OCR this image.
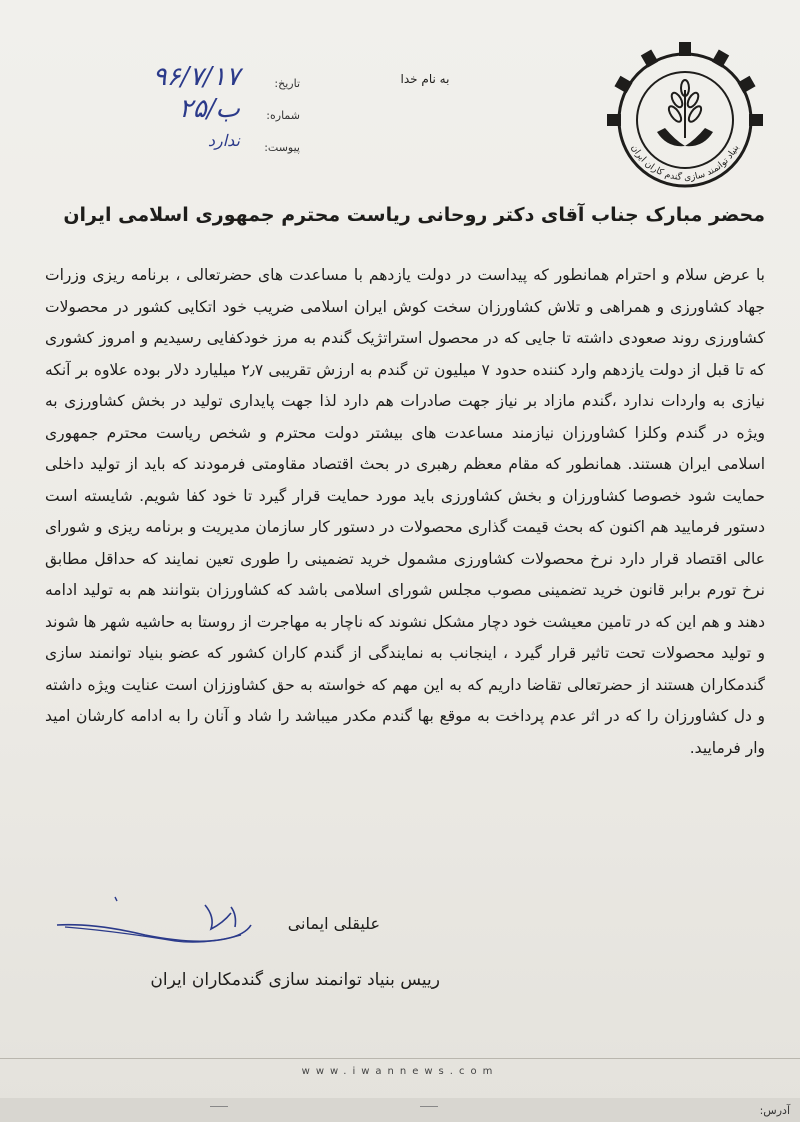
تاریخ:
۹۶/۷/۱۷
شماره:
۲۵/ب
پیوست:
ندارد
به نام خدا
بنیاد توانمند سازی گندم کاران ایران
محضر مبارک جناب آقای دکتر روحانی ریاست محترم جمهوری اسلامی ایران
با عرض سلام و احترام همانطور که پیداست در دولت یازدهم با مساعدت های حضرتعالی ، برنامه ریزی وزرات جهاد کشاورزی و همراهی و تلاش کشاورزان سخت کوش ایران اسلامی ضریب خود اتکایی کشور در محصولات کشاورزی روند صعودی داشته تا جایی که در محصول استراتژیک گندم به مرز خودکفایی رسیدیم و امروز کشوری که تا قبل از دولت یازدهم وارد کننده حدود ۷ میلیون تن گندم به ارزش تقریبی ۲٫۷ میلیارد دلار بوده علاوه بر آنکه نیازی به واردات ندارد ،گندم مازاد بر نیاز جهت صادرات هم دارد لذا جهت پایداری تولید در بخش کشاورزی به ویژه در گندم وکلزا کشاورزان نیازمند مساعدت های بیشتر دولت محترم و شخص ریاست محترم جمهوری اسلامی ایران هستند. همانطور که مقام معظم رهبری در بحث اقتصاد مقاومتی فرمودند که باید از تولید داخلی حمایت شود خصوصا کشاورزان و بخش کشاورزی باید مورد حمایت قرار گیرد تا خود کفا شویم. شایسته است دستور فرمایید هم اکنون که بحث قیمت گذاری محصولات در دستور کار سازمان مدیریت و برنامه ریزی و شورای عالی اقتصاد قرار دارد نرخ محصولات کشاورزی مشمول خرید تضمینی را طوری تعین نمایند که حداقل مطابق نرخ تورم برابر قانون خرید تضمینی مصوب مجلس شورای اسلامی باشد که کشاورزان بتوانند هم به تولید ادامه دهند و هم این که در تامین معیشت خود دچار مشکل نشوند که ناچار به مهاجرت از روستا به حاشیه شهر ها شوند و تولید محصولات تحت تاثیر قرار گیرد ، اینجانب به نمایندگی از گندم کاران کشور که عضو بنیاد توانمند سازی گندمکاران هستند از حضرتعالی تقاضا داریم که به این مهم که خواسته به حق کشاوززان است عنایت ویژه داشته و دل کشاورزان را که در اثر عدم پرداخت به موقع بها گندم مکدر میباشد را شاد و آنان را به ادامه کارشان امید وار فرمایید.
علیقلی ایمانی
رییس بنیاد توانمند سازی گندمکاران ایران
www.iwannews.com
آدرس:
